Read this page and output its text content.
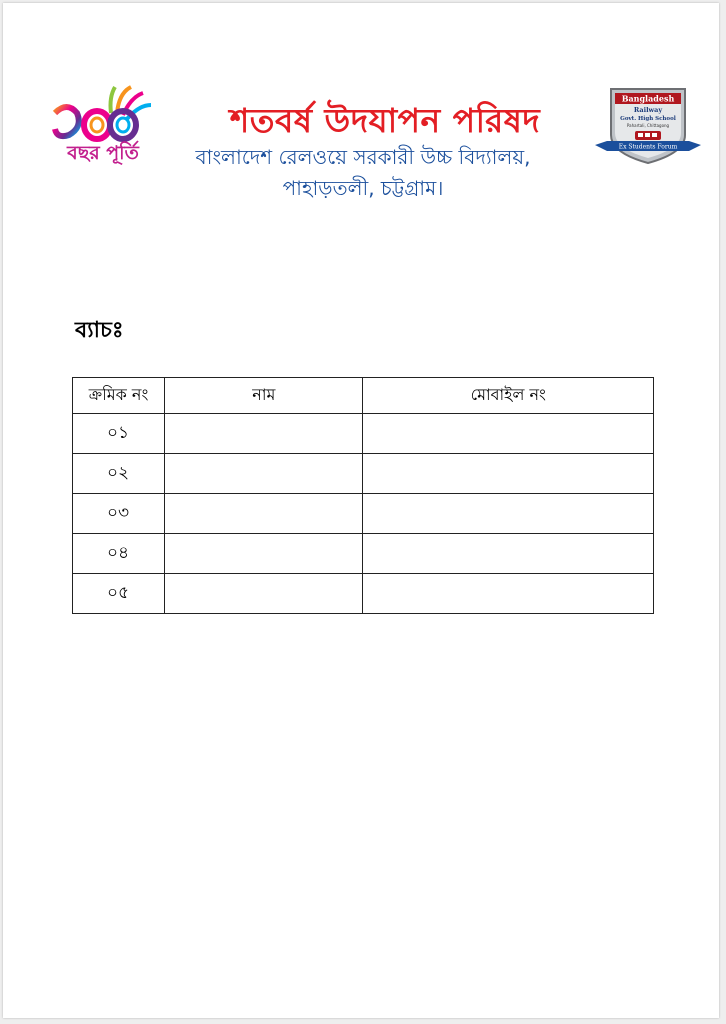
বছর পূর্তি
শতবর্ষ উদযাপন পরিষদ
বাংলাদেশ রেলওয়ে সরকারী উচ্চ বিদ্যালয়,
পাহাড়তলী, চট্টগ্রাম।
Bangladesh
Railway
Govt. High School
Pahartali, Chittagong
Ex Students Forum
ব্যাচঃ
ক্রমিক নং	নাম	মোবাইল নং
০১		
০২		
০৩		
০৪		
০৫		
